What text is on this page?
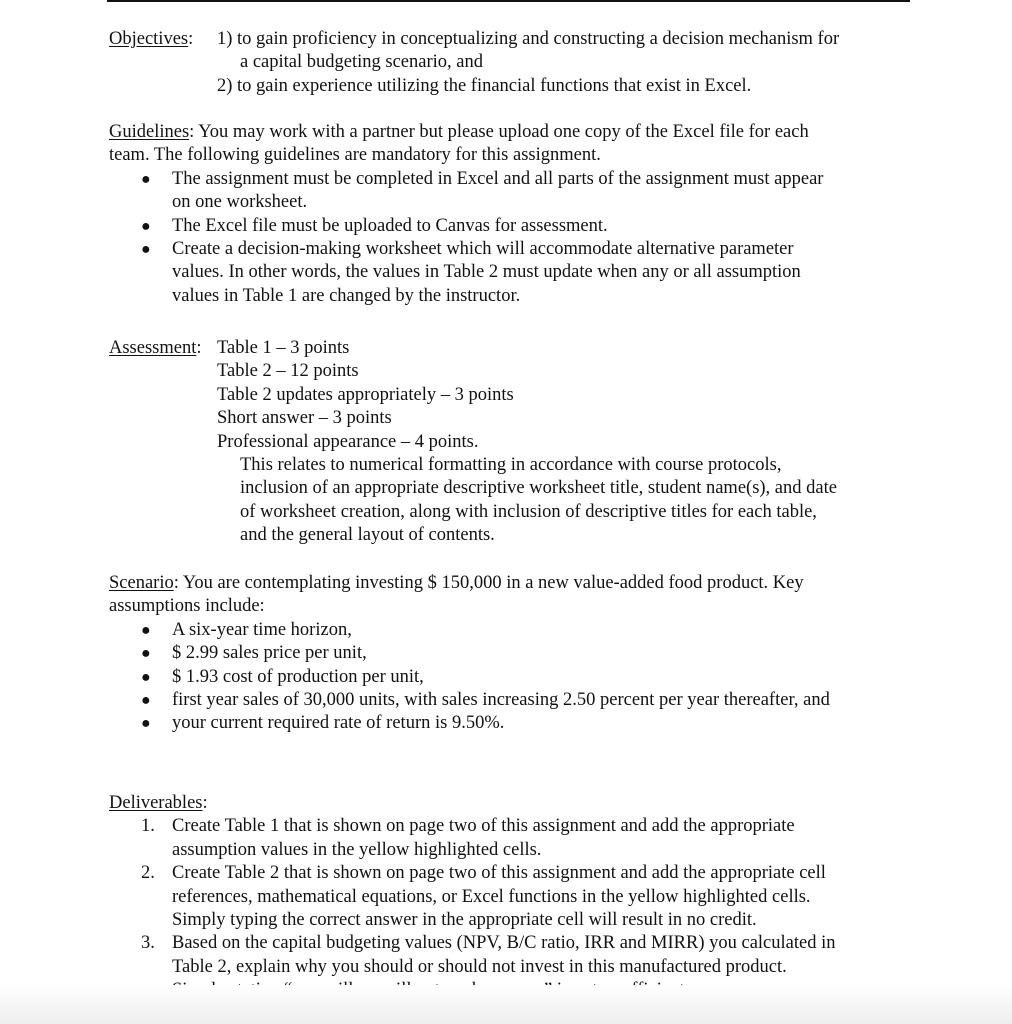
Objectives: 1) to gain proficiency in conceptualizing and constructing a decision mechanism for
a capital budgeting scenario, and
2) to gain experience utilizing the financial functions that exist in Excel.

Guidelines: You may work with a partner but please upload one copy of the Excel file for each

team. The following guidelines are mandatory for this assignment.

● The assignment must be completed in Excel and all parts of the assignment must appear
on one worksheet.
● The Excel file must be uploaded to Canvas for assessment.
● Create a decision-making worksheet which will accommodate alternative parameter
values. In other words, the values in Table 2 must update when any or all assumption
values in Table 1 are changed by the instructor.
Assessment: Table 1 – 3 points
Table 2 – 12 points
Table 2 updates appropriately – 3 points
Short answer – 3 points
Professional appearance – 4 points.
This relates to numerical formatting in accordance with course protocols,
inclusion of an appropriate descriptive worksheet title, student name(s), and date
of worksheet creation, along with inclusion of descriptive titles for each table,
and the general layout of contents.

Scenario: You are contemplating investing $ 150,000 in a new value-added food product. Key

assumptions include:

● A six-year time horizon,
● $ 2.99 sales price per unit,
● $ 1.93 cost of production per unit,
● first year sales of 30,000 units, with sales increasing 2.50 percent per year thereafter, and
● your current required rate of return is 9.50%.

Deliverables:

1. Create Table 1 that is shown on page two of this assignment and add the appropriate
assumption values in the yellow highlighted cells.
2. Create Table 2 that is shown on page two of this assignment and add the appropriate cell
references, mathematical equations, or Excel functions in the yellow highlighted cells.
Simply typing the correct answer in the appropriate cell will result in no credit.
3. Based on the capital budgeting values (NPV, B/C ratio, IRR and MIRR) you calculated in
Table 2, explain why you should or should not invest in this manufactured product.
